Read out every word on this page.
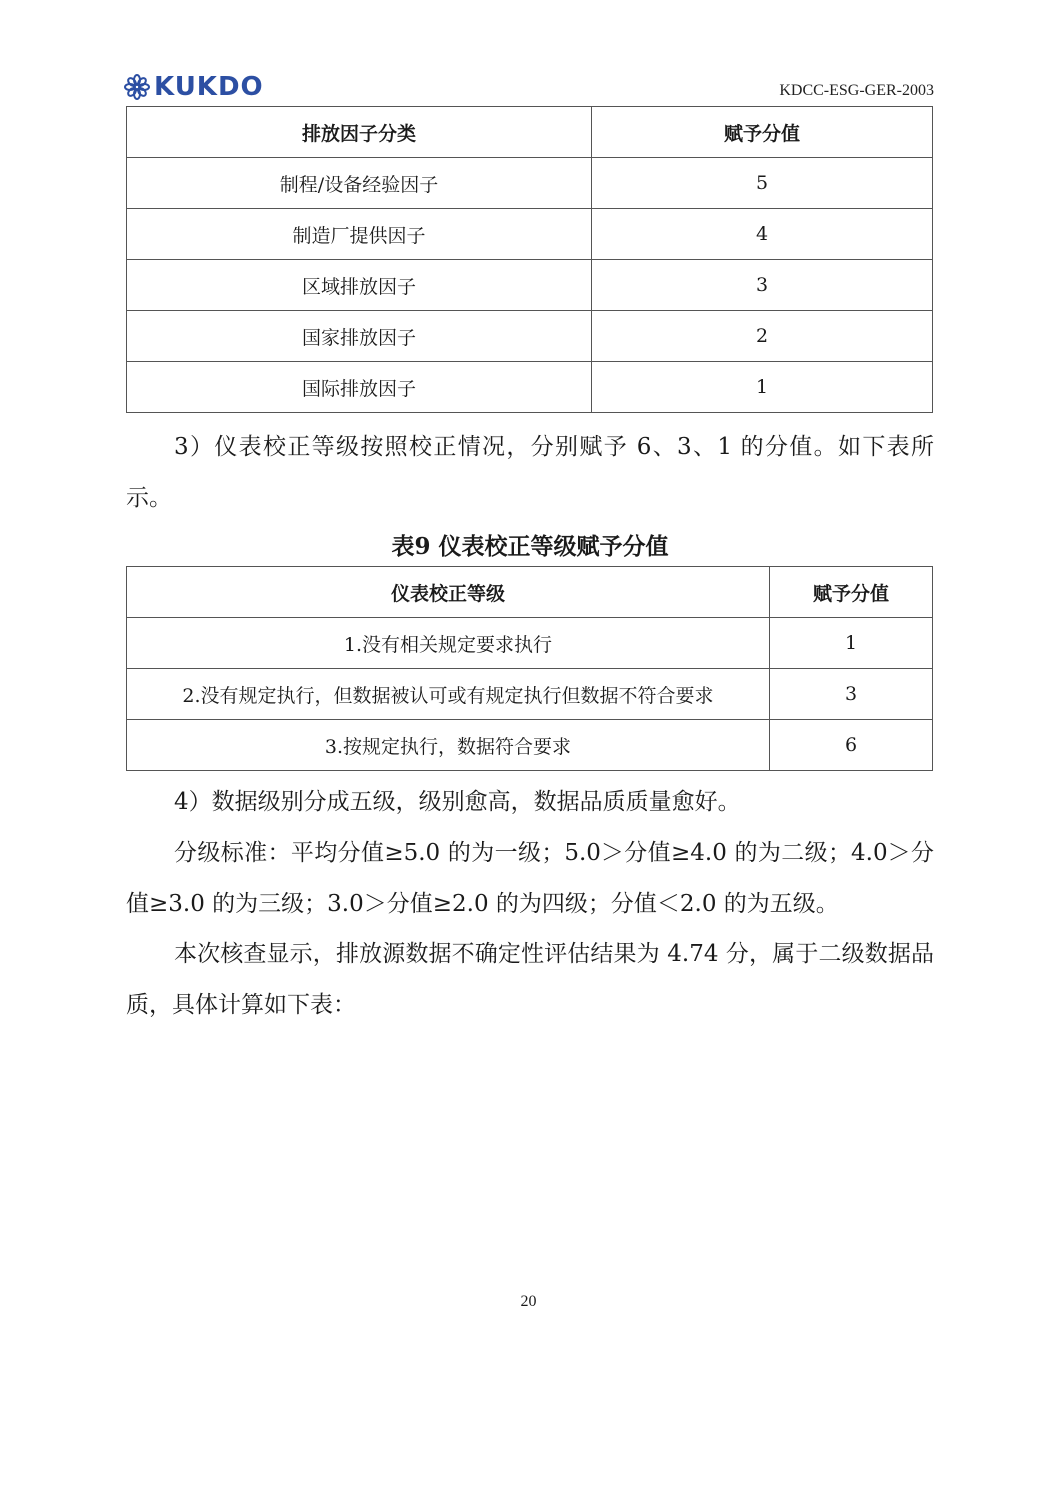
KUKDO	KDCC-ESG-GER-2003
排放因子分类	赋予分值
制程/设备经验因子	5
制造厂提供因子	4
区域排放因子	3
国家排放因子	2
国际排放因子	1
3）仪表校正等级按照校正情况，分别赋予 6、3、1 的分值。如下表所示。
表9 仪表校正等级赋予分值
仪表校正等级	赋予分值
1.没有相关规定要求执行	1
2.没有规定执行，但数据被认可或有规定执行但数据不符合要求	3
3.按规定执行，数据符合要求	6
4）数据级别分成五级，级别愈高，数据品质质量愈好。
分级标准：平均分值≥5.0 的为一级；5.0＞分值≥4.0 的为二级；4.0＞分值≥3.0 的为三级；3.0＞分值≥2.0 的为四级；分值＜2.0 的为五级。
本次核查显示，排放源数据不确定性评估结果为 4.74 分，属于二级数据品质，具体计算如下表：
20
